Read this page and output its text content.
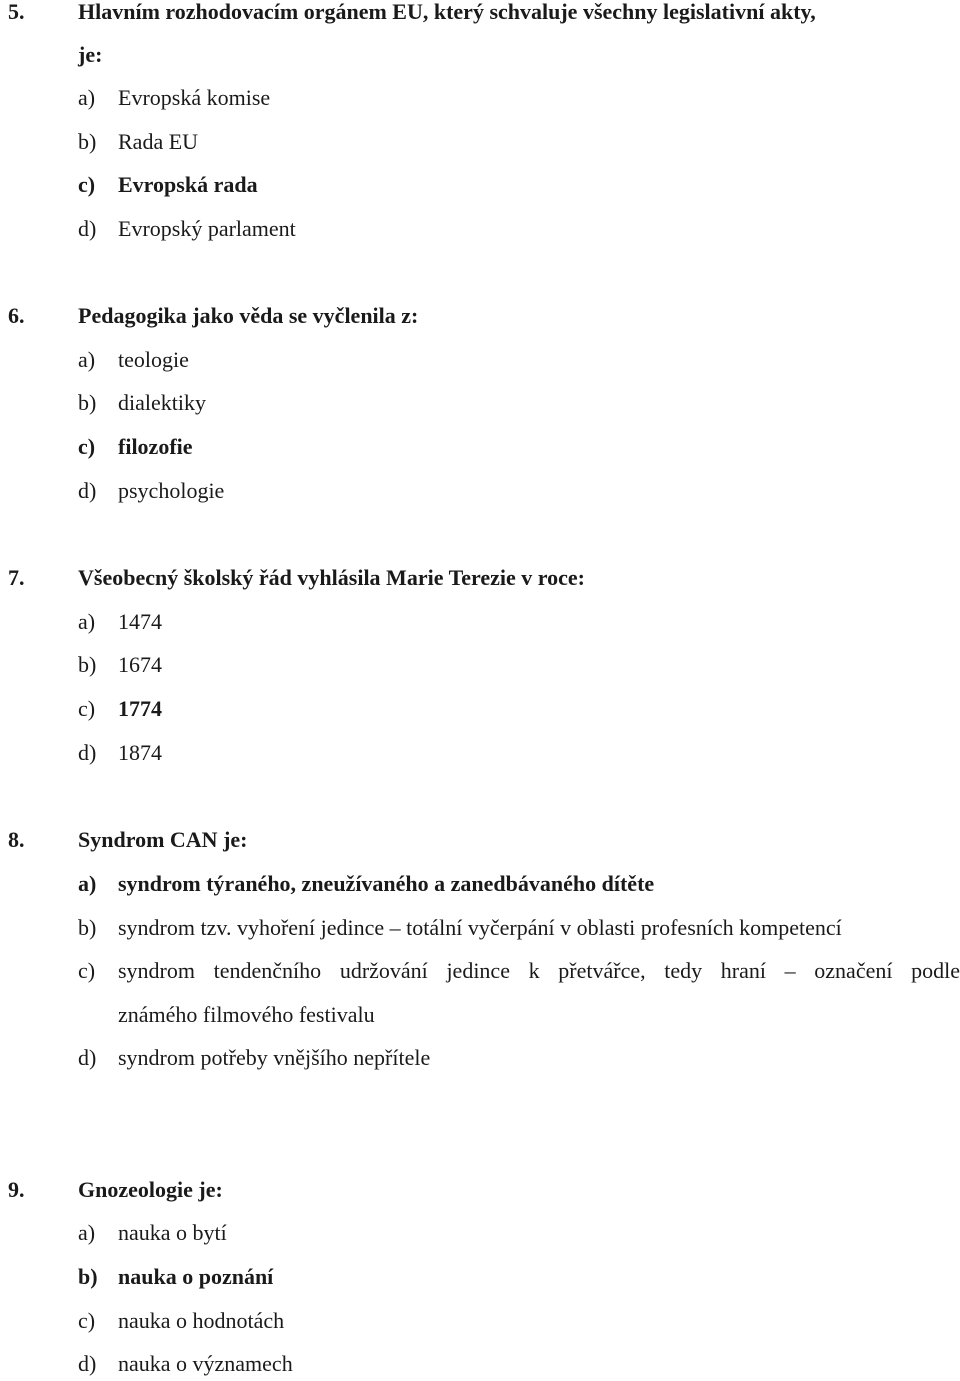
5. Hlavním rozhodovacím orgánem EU, který schvaluje všechny legislativní akty,
je:
a) Evropská komise
b) Rada EU
c) Evropská rada
d) Evropský parlament
6. Pedagogika jako věda se vyčlenila z:
a) teologie
b) dialektiky
c) filozofie
d) psychologie
7. Všeobecný školský řád vyhlásila Marie Terezie v roce:
a) 1474
b) 1674
c) 1774
d) 1874
8. Syndrom CAN je:
a) syndrom týraného, zneužívaného a zanedbávaného dítěte
b) syndrom tzv. vyhoření jedince – totální vyčerpání v oblasti profesních kompetencí
c) syndrom tendenčního udržování jedince k přetvářce, tedy hraní – označení podle
známého filmového festivalu
d) syndrom potřeby vnějšího nepřítele
9. Gnozeologie je:
a) nauka o bytí
b) nauka o poznání
c) nauka o hodnotách
d) nauka o významech
